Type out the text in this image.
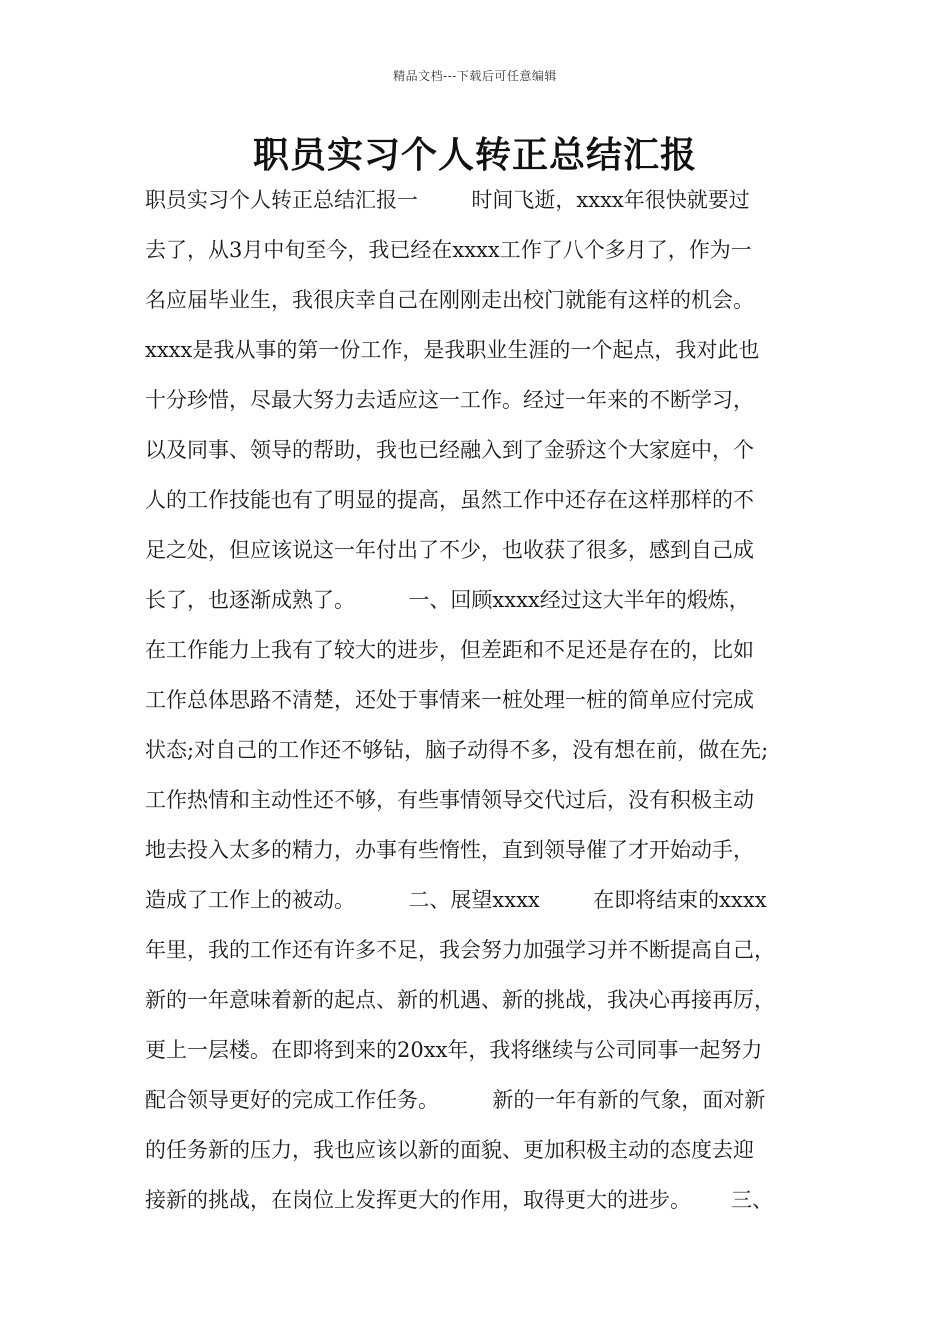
精品文档---下载后可任意编辑
职员实习个人转正总结汇报
职员实习个人转正总结汇报一        时间飞逝，xxxx年很快就要过
去了，从3月中旬至今，我已经在xxxx工作了八个多月了，作为一
名应届毕业生，我很庆幸自己在刚刚走出校门就能有这样的机会。
xxxx是我从事的第一份工作，是我职业生涯的一个起点，我对此也
十分珍惜，尽最大努力去适应这一工作。经过一年来的不断学习，
以及同事、领导的帮助，我也已经融入到了金骄这个大家庭中，个
人的工作技能也有了明显的提高，虽然工作中还存在这样那样的不
足之处，但应该说这一年付出了不少，也收获了很多，感到自己成
长了，也逐渐成熟了。        一、回顾xxxx经过这大半年的煅炼，
在工作能力上我有了较大的进步，但差距和不足还是存在的，比如
工作总体思路不清楚，还处于事情来一桩处理一桩的简单应付完成
状态;对自己的工作还不够钻，脑子动得不多，没有想在前，做在先;
工作热情和主动性还不够，有些事情领导交代过后，没有积极主动
地去投入太多的精力，办事有些惰性，直到领导催了才开始动手，
造成了工作上的被动。        二、展望xxxx        在即将结束的xxxx
年里，我的工作还有许多不足，我会努力加强学习并不断提高自己，
新的一年意味着新的起点、新的机遇、新的挑战，我决心再接再厉，
更上一层楼。在即将到来的20xx年，我将继续与公司同事一起努力
配合领导更好的完成工作任务。        新的一年有新的气象，面对新
的任务新的压力，我也应该以新的面貌、更加积极主动的态度去迎
接新的挑战，在岗位上发挥更大的作用，取得更大的进步。      三、
